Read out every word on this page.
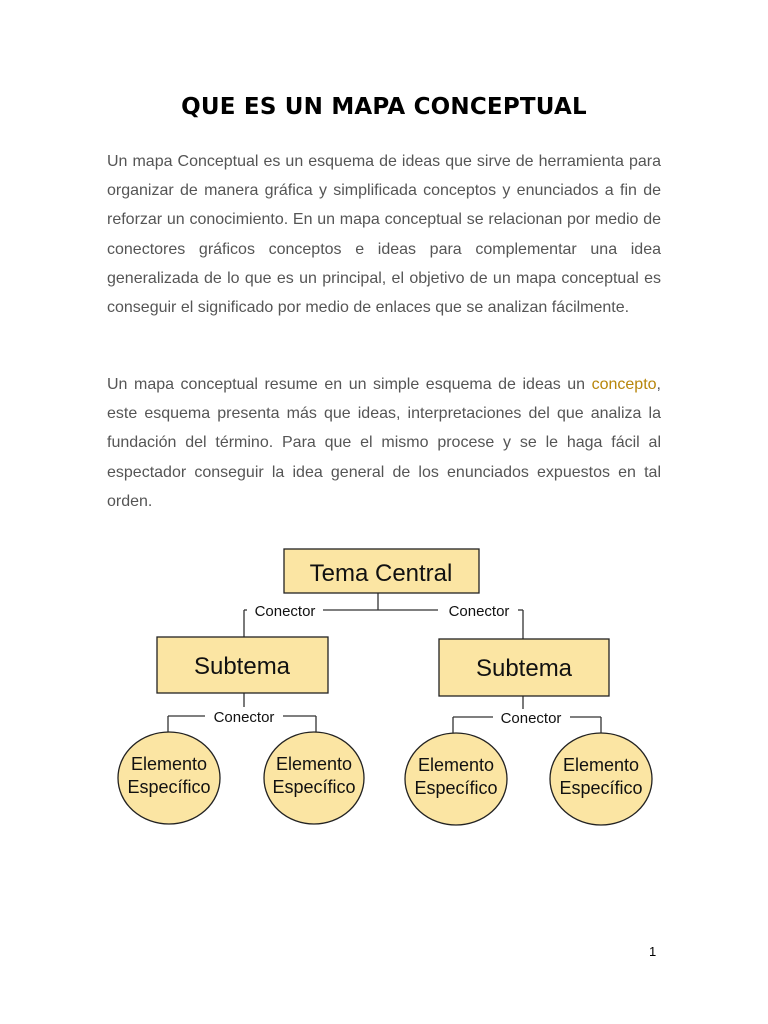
QUE ES UN MAPA CONCEPTUAL

Un mapa Conceptual es un esquema de ideas que sirve de herramienta para organizar de manera gráfica y simplificada conceptos y enunciados a fin de reforzar un conocimiento. En un mapa conceptual se relacionan por medio de conectores gráficos conceptos e ideas para complementar una idea generalizada de lo que es un principal, el objetivo de un mapa conceptual es conseguir el significado por medio de enlaces que se analizan fácilmente.

Un mapa conceptual resume en un simple esquema de ideas un concepto, este esquema presenta más que ideas, interpretaciones del que analiza la fundación del término. Para que el mismo procese y se le haga fácil al espectador conseguir la idea general de los enunciados expuestos en tal orden.

Tema Central
Conector	Conector
Subtema	Subtema
Conector	Conector
Elemento
Específico
Elemento
Específico
Elemento
Específico
Elemento
Específico
1
